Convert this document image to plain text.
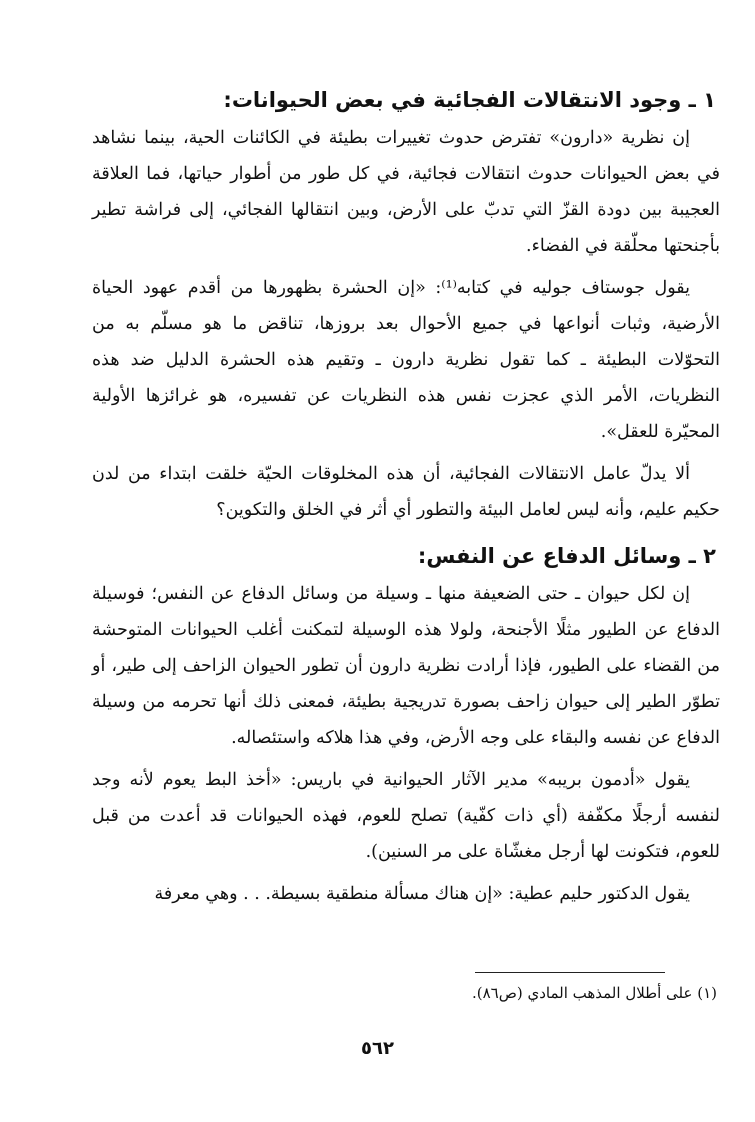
١ ـ وجود الانتقالات الفجائية في بعض الحيوانات:

إن نظرية «دارون» تفترض حدوث تغييرات بطيئة في الكائنات الحية، بينما نشاهد في بعض الحيوانات حدوث انتقالات فجائية، في كل طور من أطوار حياتها، فما العلاقة العجيبة بين دودة القزّ التي تدبّ على الأرض، وبين انتقالها الفجائي، إلى فراشة تطير بأجنحتها محلّقة في الفضاء.

يقول جوستاف جوليه في كتابه⁽¹⁾: «إن الحشرة بظهورها من أقدم عهود الحياة الأرضية، وثبات أنواعها في جميع الأحوال بعد بروزها، تناقض ما هو مسلّم به من التحوّلات البطيئة ـ كما تقول نظرية دارون ـ وتقيم هذه الحشرة الدليل ضد هذه النظريات، الأمر الذي عجزت نفس هذه النظريات عن تفسيره، هو غرائزها الأولية المحيّرة للعقل».

ألا يدلّ عامل الانتقالات الفجائية، أن هذه المخلوقات الحيّة خلقت ابتداء من لدن حكيم عليم، وأنه ليس لعامل البيئة والتطور أي أثر في الخلق والتكوين؟

٢ ـ وسائل الدفاع عن النفس:

إن لكل حيوان ـ حتى الضعيفة منها ـ وسيلة من وسائل الدفاع عن النفس؛ فوسيلة الدفاع عن الطيور مثلًا الأجنحة، ولولا هذه الوسيلة لتمكنت أغلب الحيوانات المتوحشة من القضاء على الطيور، فإذا أرادت نظرية دارون أن تطور الحيوان الزاحف إلى طير، أو تطوّر الطير إلى حيوان زاحف بصورة تدريجية بطيئة، فمعنى ذلك أنها تحرمه من وسيلة الدفاع عن نفسه والبقاء على وجه الأرض، وفي هذا هلاكه واستئصاله.

يقول «أدمون بريبه» مدير الآثار الحيوانية في باريس: «أخذ البط يعوم لأنه وجد لنفسه أرجلًا مكفّفة (أي ذات كفّية) تصلح للعوم، فهذه الحيوانات قد أعدت من قبل للعوم، فتكونت لها أرجل مغشّاة على مر السنين).

يقول الدكتور حليم عطية: «إن هناك مسألة منطقية بسيطة. . . وهي معرفة

(١) على أطلال المذهب المادي (ص٨٦).
٥٦٢
